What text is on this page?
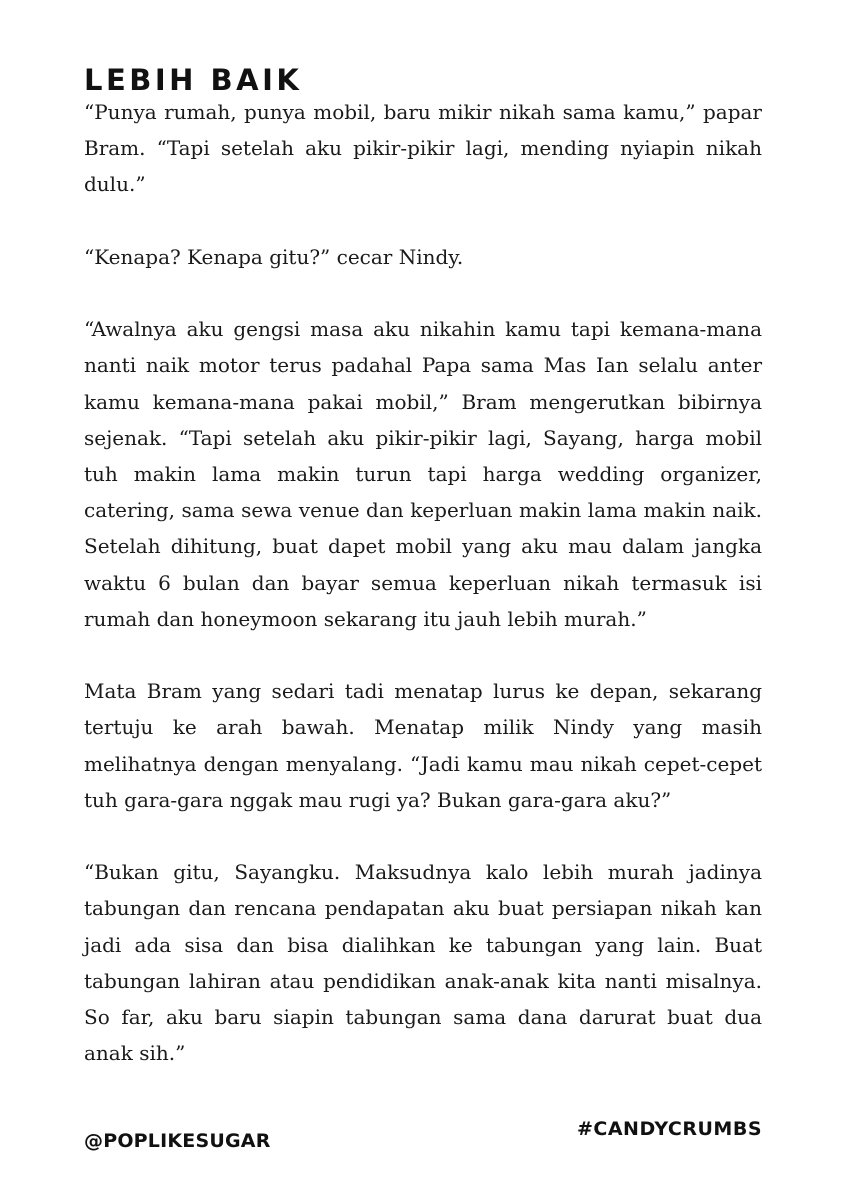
LEBIH BAIK

“Punya rumah, punya mobil, baru mikir nikah sama kamu,” papar Bram. “Tapi setelah aku pikir-pikir lagi, mending nyiapin nikah dulu.”

“Kenapa? Kenapa gitu?” cecar Nindy.

“Awalnya aku gengsi masa aku nikahin kamu tapi kemana-mana nanti naik motor terus padahal Papa sama Mas Ian selalu anter kamu kemana-mana pakai mobil,” Bram mengerutkan bibirnya sejenak. “Tapi setelah aku pikir-pikir lagi, Sayang, harga mobil tuh makin lama makin turun tapi harga wedding organizer, catering, sama sewa venue dan keperluan makin lama makin naik. Setelah dihitung, buat dapet mobil yang aku mau dalam jangka waktu 6 bulan dan bayar semua keperluan nikah termasuk isi rumah dan honeymoon sekarang itu jauh lebih murah.”

Mata Bram yang sedari tadi menatap lurus ke depan, sekarang tertuju ke arah bawah. Menatap milik Nindy yang masih melihatnya dengan menyalang. “Jadi kamu mau nikah cepet-cepet tuh gara-gara nggak mau rugi ya? Bukan gara-gara aku?”

“Bukan gitu, Sayangku. Maksudnya kalo lebih murah jadinya tabungan dan rencana pendapatan aku buat persiapan nikah kan jadi ada sisa dan bisa dialihkan ke tabungan yang lain. Buat tabungan lahiran atau pendidikan anak-anak kita nanti misalnya. So far, aku baru siapin tabungan sama dana darurat buat dua anak sih.”

#CANDYCRUMBS

@POPLIKESUGAR
